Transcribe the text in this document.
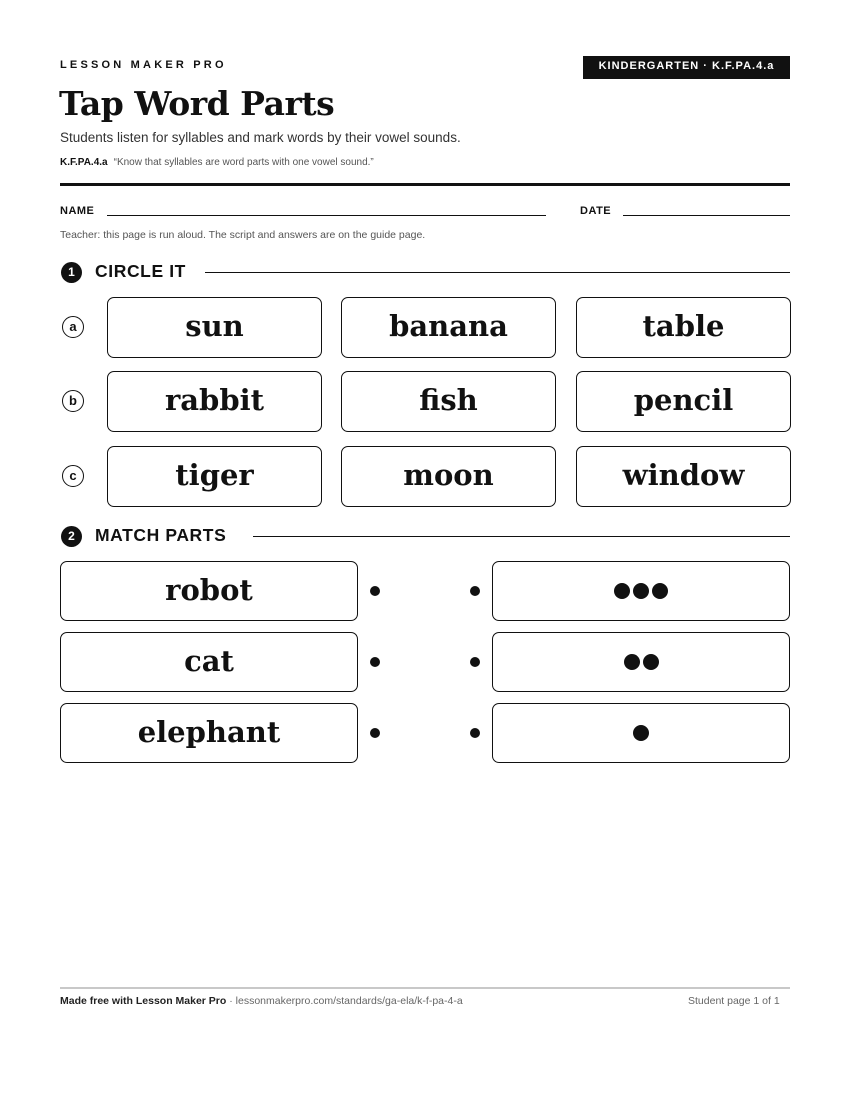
LESSON MAKER PRO	KINDERGARTEN · K.F.PA.4.a
Tap Word Parts
Students listen for syllables and mark words by their vowel sounds.
K.F.PA.4.a “Know that syllables are word parts with one vowel sound.”
NAME	DATE
Teacher: this page is run aloud. The script and answers are on the guide page.
1	CIRCLE IT
a	sun	banana	table
b	rabbit	fish	pencil
c	tiger	moon	window
2	MATCH PARTS
robot
cat
elephant
Made free with Lesson Maker Pro · lessonmakerpro.com/standards/ga-ela/k-f-pa-4-a	Student page 1 of 1
